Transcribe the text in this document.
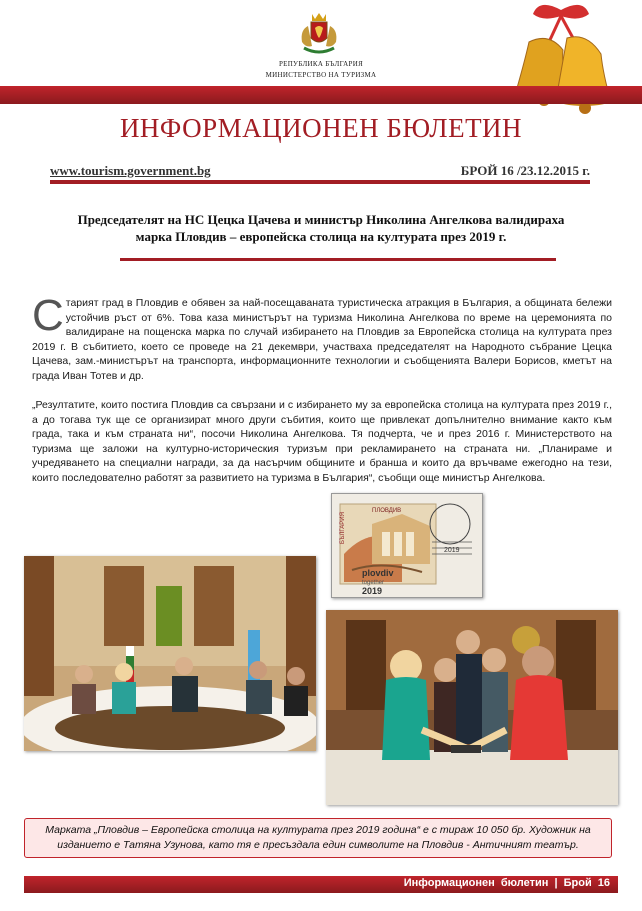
РЕПУБЛИКА БЪЛГАРИЯ
МИНИСТЕРСТВО НА ТУРИЗМА
ИНФОРМАЦИОНЕН БЮЛЕТИН
www.tourism.government.bg	БРОЙ 16 /23.12.2015 г.
Председателят на НС Цецка Цачева и министър Николина Ангелкова валидираха марка Пловдив – европейска столица на културата през 2019 г.
С тарият град в Пловдив е обявен за най-посещаваната туристическа атракция в България, а общината бележи устойчив ръст от 6%. Това каза министърът на туризма Николина Ангелкова по време на церемонията по валидиране на пощенска марка по случай избирането на Пловдив за Европейска столица на културата през 2019 г. В събитието, което се проведе на 21 декември, участваха председателят на Народното събрание Цецка Цачева, зам.-министърът на транспорта, информационните технологии и съобщенията Валери Борисов, кметът на града Иван Тотев и др.
„Резултатите, които постига Пловдив са свързани и с избирането му за европейска столица на културата през 2019 г., а до тогава тук ще се организират много други събития, които ще привлекат допълнително внимание както към града, така и към страната ни“, посочи Николина Ангелкова. Тя подчерта, че и през 2016 г. Министерството на туризма ще заложи на културно-историческия туризъм при рекламирането на страната ни. „Планираме и учредяването на специални награди, за да насърчим общините и бранша и които да връчваме ежегодно на тези, които последователно работят за развитието на туризма в България“, съобщи още министър Ангелкова.
ПЛОВДИВ
БЪЛГАРИЯ
2019
plovdiv
together
2019
Марката „Пловдив – Европейска столица на културата през 2019 година“ е с тираж 10 050 бр. Художник на изданието е Татяна Узунова, като тя е пресъздала един символите на Пловдив - Античният театър.
Информационен бюлетин | Брой 16
